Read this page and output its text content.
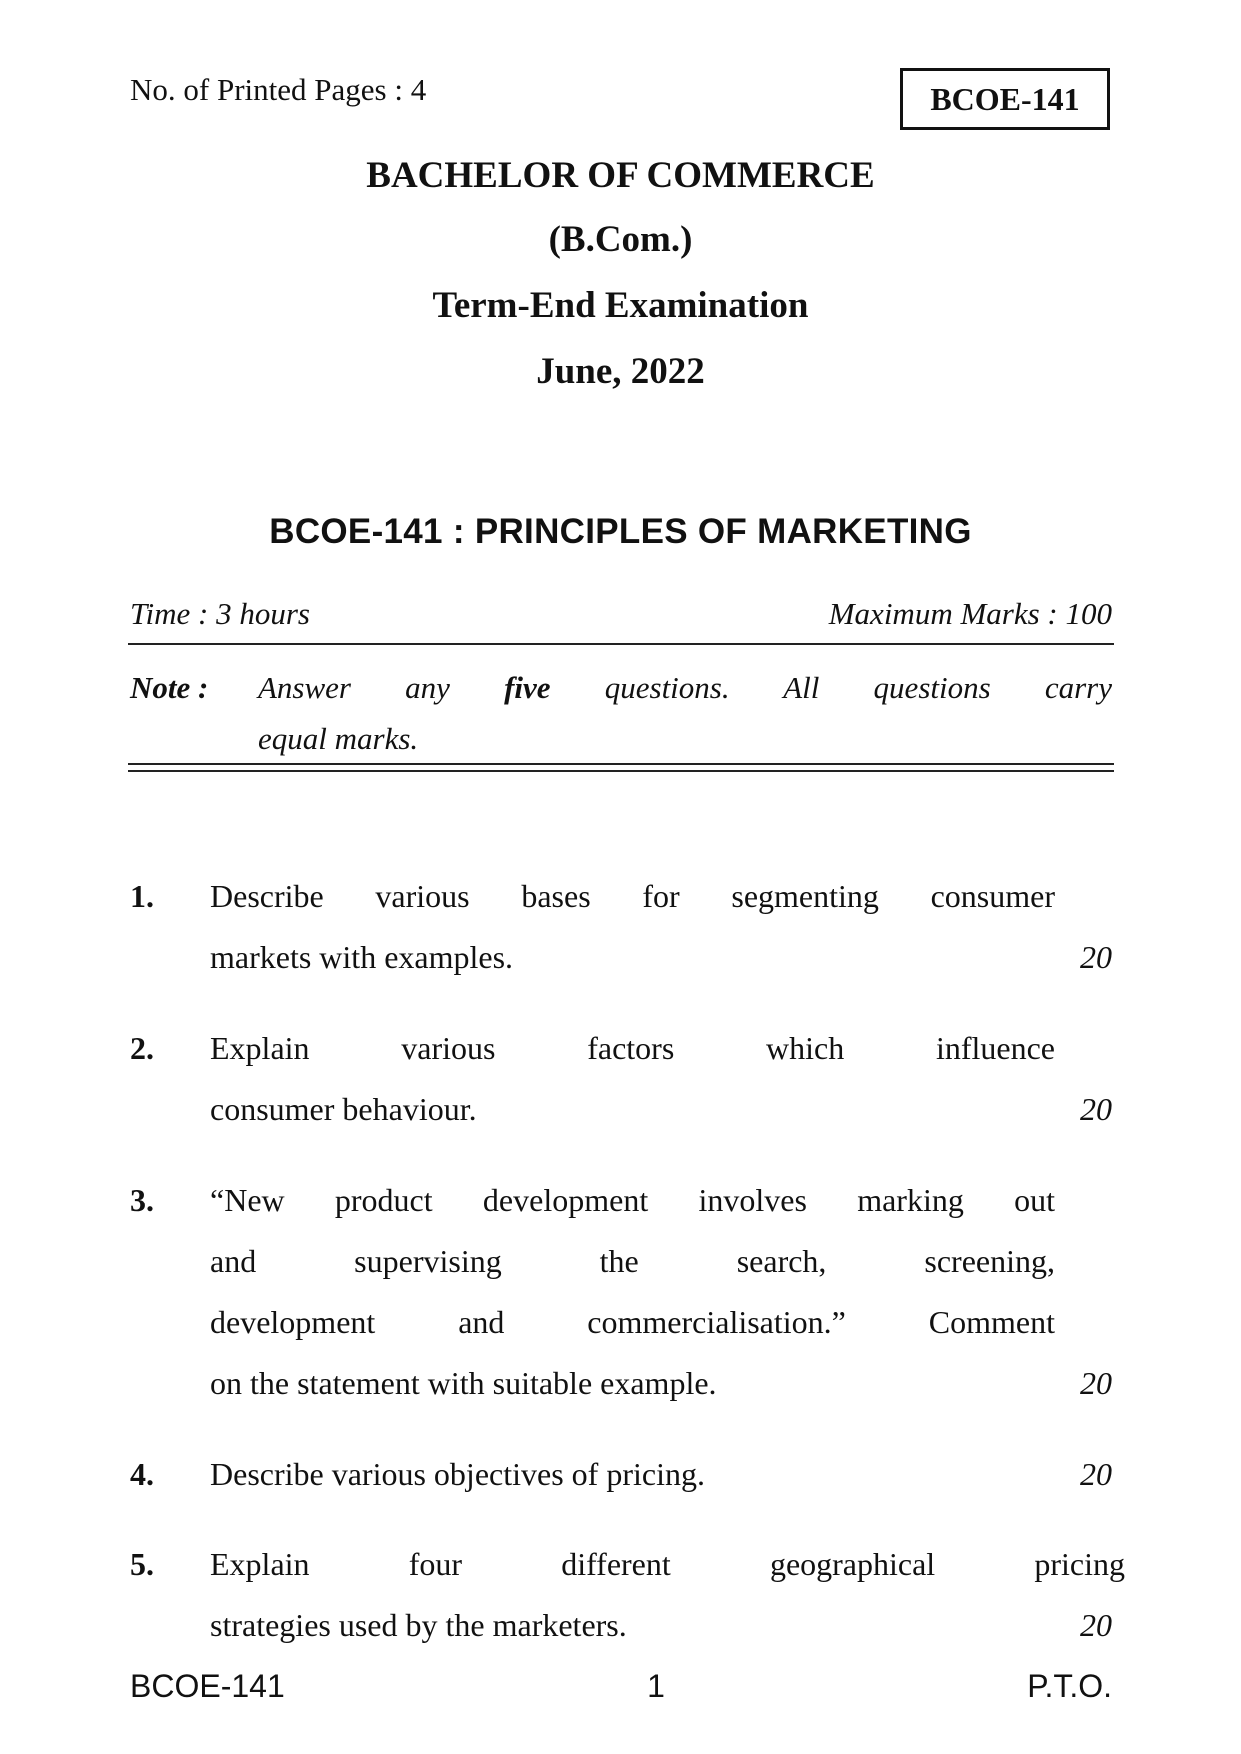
No. of Printed Pages : 4	BCOE-141
BACHELOR OF COMMERCE
(B.Com.)
Term-End Examination
June, 2022
BCOE-141 : PRINCIPLES OF MARKETING
Time : 3 hours	Maximum Marks : 100
Note : Answer any five questions. All questions carry
equal marks.
1. Describe various bases for segmenting consumer
markets with examples.	20
2. Explain various factors which influence
consumer behaviour.	20
3. “New product development involves marking out
and supervising the search, screening,
development and commercialisation.” Comment
on the statement with suitable example.	20
4. Describe various objectives of pricing.	20
5. Explain four different geographical pricing
strategies used by the marketers.	20
BCOE-141	1	P.T.O.
